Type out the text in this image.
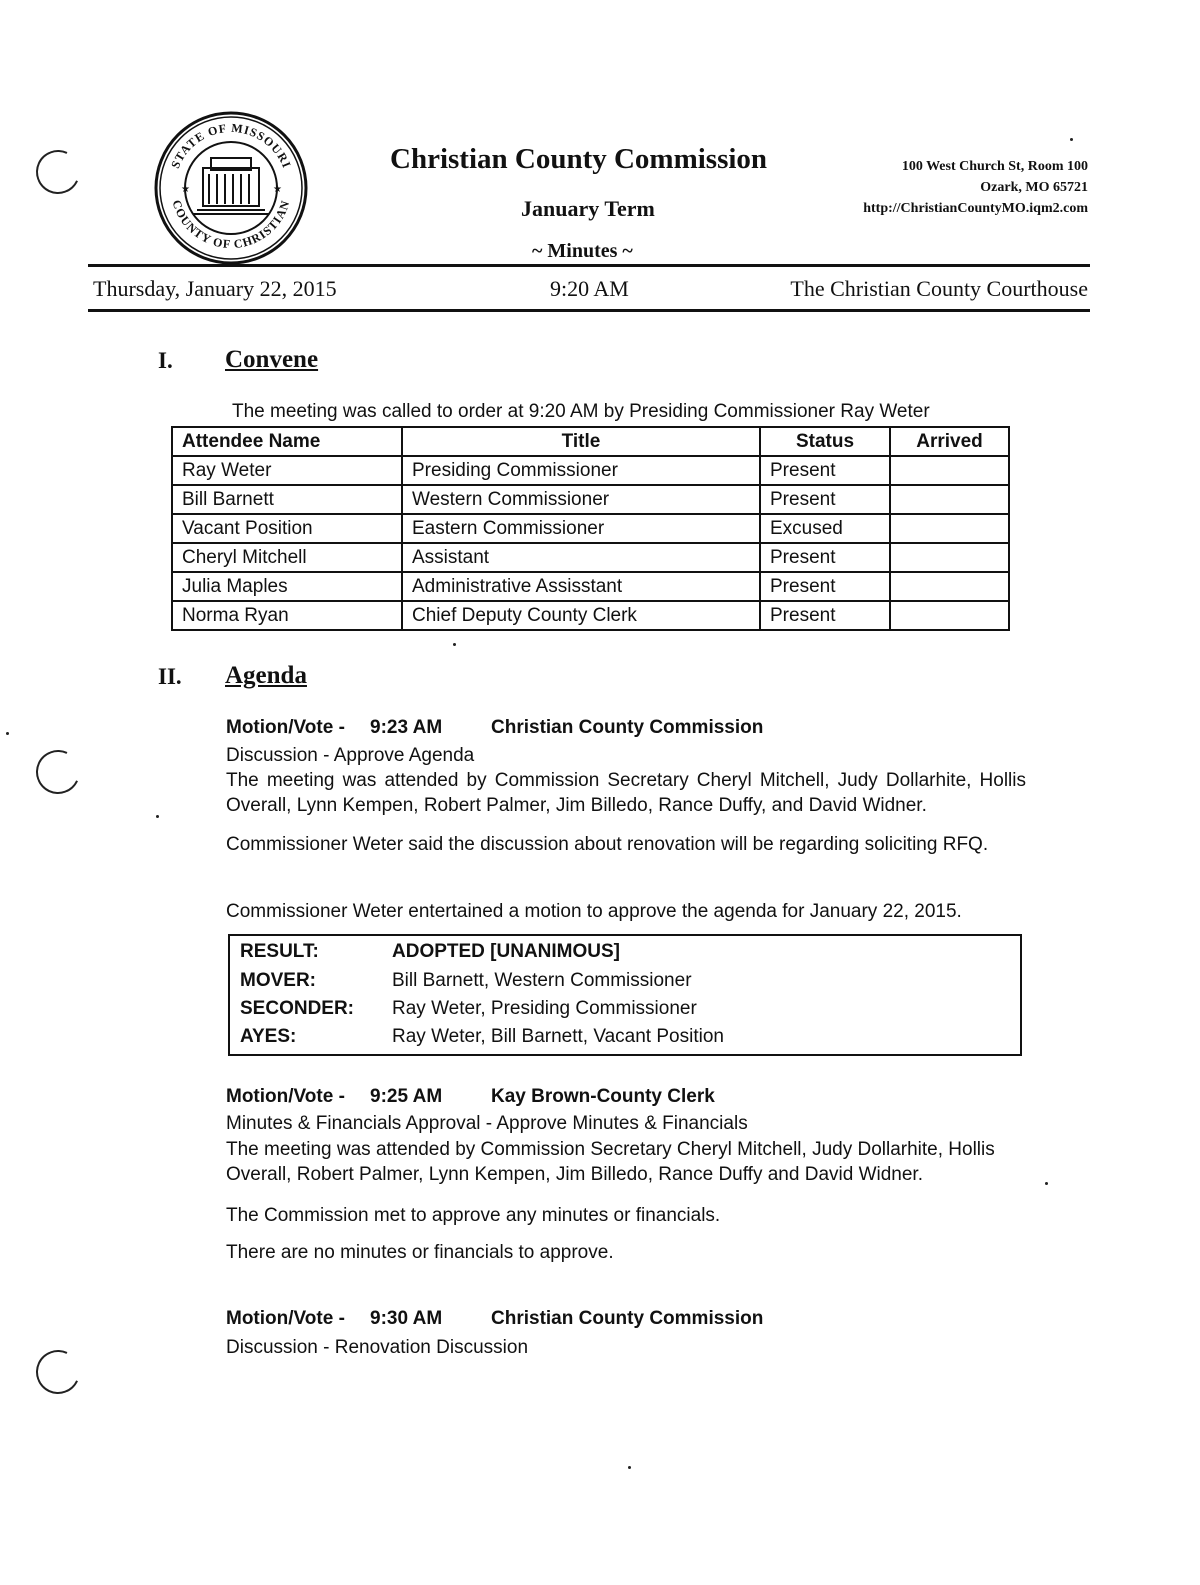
STATE OF MISSOURI
COUNTY OF CHRISTIAN
★	★
Christian County Commission
January Term
~ Minutes ~
100 West Church St, Room 100
Ozark, MO 65721
http://ChristianCountyMO.iqm2.com
Thursday, January 22, 2015	9:20 AM	The Christian County Courthouse
I. Convene
The meeting was called to order at 9:20 AM by Presiding Commissioner Ray Weter
Attendee Name	Title	Status	Arrived
Ray Weter	Presiding Commissioner	Present	
Bill Barnett	Western Commissioner	Present	
Vacant Position	Eastern Commissioner	Excused	
Cheryl Mitchell	Assistant	Present	
Julia Maples	Administrative Assisstant	Present	
Norma Ryan	Chief Deputy County Clerk	Present	
II. Agenda
Motion/Vote - 9:23 AM	Christian County Commission
Discussion - Approve Agenda
The meeting was attended by Commission Secretary Cheryl Mitchell, Judy Dollarhite, Hollis Overall, Lynn Kempen, Robert Palmer, Jim Billedo, Rance Duffy, and David Widner.
Commissioner Weter said the discussion about renovation will be regarding soliciting RFQ.
Commissioner Weter entertained a motion to approve the agenda for January 22, 2015.
RESULT:	ADOPTED [UNANIMOUS]
MOVER:	Bill Barnett, Western Commissioner
SECONDER: Ray Weter, Presiding Commissioner
AYES:	Ray Weter, Bill Barnett, Vacant Position
Motion/Vote - 9:25 AM	Kay Brown-County Clerk
Minutes & Financials Approval - Approve Minutes & Financials
The meeting was attended by Commission Secretary Cheryl Mitchell, Judy Dollarhite, Hollis Overall, Robert Palmer, Lynn Kempen, Jim Billedo, Rance Duffy and David Widner.
The Commission met to approve any minutes or financials.
There are no minutes or financials to approve.
Motion/Vote - 9:30 AM	Christian County Commission
Discussion - Renovation Discussion
